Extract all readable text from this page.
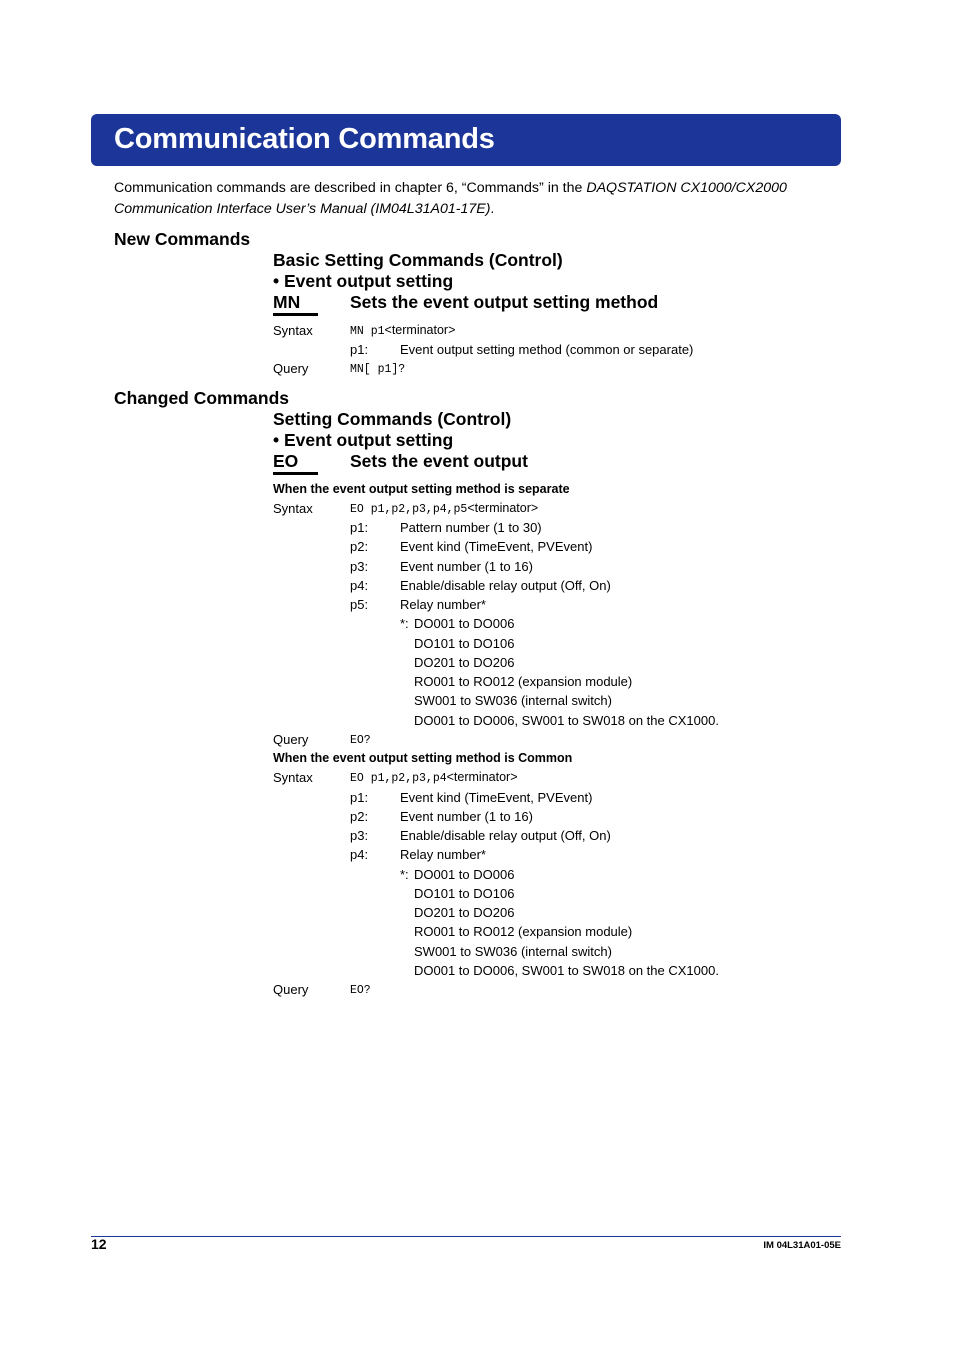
Communication Commands
Communication commands are described in chapter 6, “Commands” in the DAQSTATION CX1000/CX2000
Communication Interface User’s Manual (IM04L31A01-17E).
New Commands
Basic Setting Commands (Control)
• Event output setting
MN	Sets the event output setting method
Syntax	MN p1<terminator>
p1: Event output setting method (common or separate)
Query	MN[ p1]?
Changed Commands
Setting Commands (Control)
• Event output setting
EO	Sets the event output
When the event output setting method is separate
Syntax	EO p1,p2,p3,p4,p5<terminator>
p1: Pattern number (1 to 30)
p2: Event kind (TimeEvent, PVEvent)
p3: Event number (1 to 16)
p4: Enable/disable relay output (Off, On)
p5: Relay number*
*: DO001 to DO006
DO101 to DO106
DO201 to DO206
RO001 to RO012 (expansion module)
SW001 to SW036 (internal switch)
DO001 to DO006, SW001 to SW018 on the CX1000.
Query	EO?
When the event output setting method is Common
Syntax	EO p1,p2,p3,p4<terminator>
p1: Event kind (TimeEvent, PVEvent)
p2: Event number (1 to 16)
p3: Enable/disable relay output (Off, On)
p4: Relay number*
*: DO001 to DO006
DO101 to DO106
DO201 to DO206
RO001 to RO012 (expansion module)
SW001 to SW036 (internal switch)
DO001 to DO006, SW001 to SW018 on the CX1000.
Query	EO?
12	IM 04L31A01-05E
